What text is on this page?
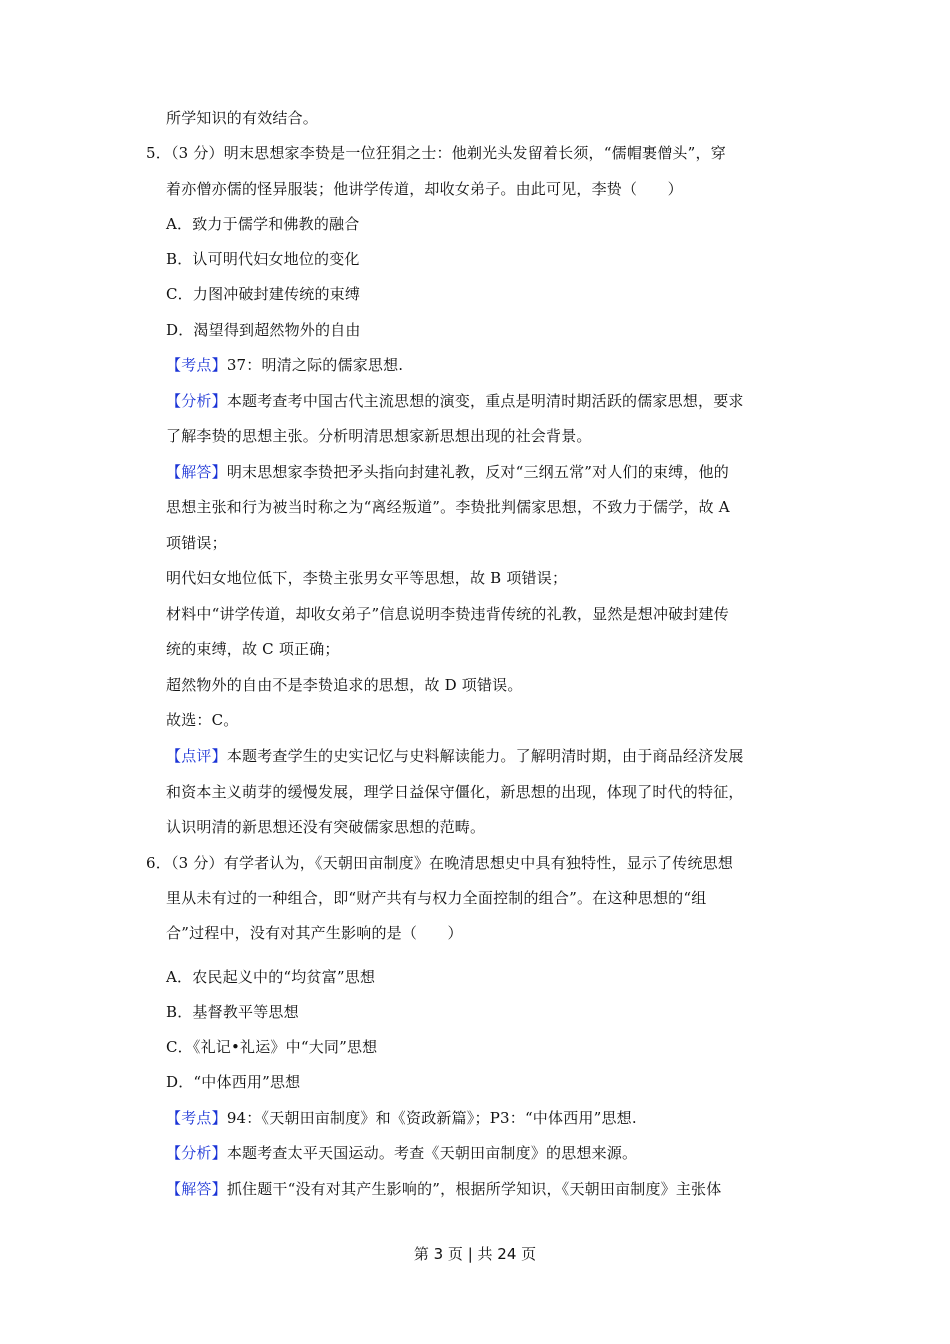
所学知识的有效结合。
5．（3 分）明末思想家李贽是一位狂狷之士：他剃光头发留着长须，“儒帽裹僧头”，穿
着亦僧亦儒的怪异服装；他讲学传道，却收女弟子。由此可见，李贽（　　）
A．致力于儒学和佛教的融合
B．认可明代妇女地位的变化
C．力图冲破封建传统的束缚
D．渴望得到超然物外的自由
【考点】37：明清之际的儒家思想.
【分析】本题考查考中国古代主流思想的演变，重点是明清时期活跃的儒家思想，要求
了解李贽的思想主张。分析明清思想家新思想出现的社会背景。
【解答】明末思想家李贽把矛头指向封建礼教，反对“三纲五常”对人们的束缚，他的
思想主张和行为被当时称之为“离经叛道”。李贽批判儒家思想，不致力于儒学，故 A
项错误；
明代妇女地位低下，李贽主张男女平等思想，故 B 项错误；
材料中“讲学传道，却收女弟子”信息说明李贽违背传统的礼教，显然是想冲破封建传
统的束缚，故 C 项正确；
超然物外的自由不是李贽追求的思想，故 D 项错误。
故选：C。
【点评】本题考查学生的史实记忆与史料解读能力。了解明清时期，由于商品经济发展
和资本主义萌芽的缓慢发展，理学日益保守僵化，新思想的出现，体现了时代的特征，
认识明清的新思想还没有突破儒家思想的范畴。
6．（3 分）有学者认为，《天朝田亩制度》在晚清思想史中具有独特性，显示了传统思想
里从未有过的一种组合，即“财产共有与权力全面控制的组合”。在这种思想的“组
合”过程中，没有对其产生影响的是（　　）
A．农民起义中的“均贫富”思想
B．基督教平等思想
C．《礼记•礼运》中“大同”思想
D．“中体西用”思想
【考点】94：《天朝田亩制度》和《资政新篇》；P3：“中体西用”思想.
【分析】本题考查太平天国运动。考查《天朝田亩制度》的思想来源。
【解答】抓住题干“没有对其产生影响的”，根据所学知识，《天朝田亩制度》主张体
第 3 页 | 共 24 页
